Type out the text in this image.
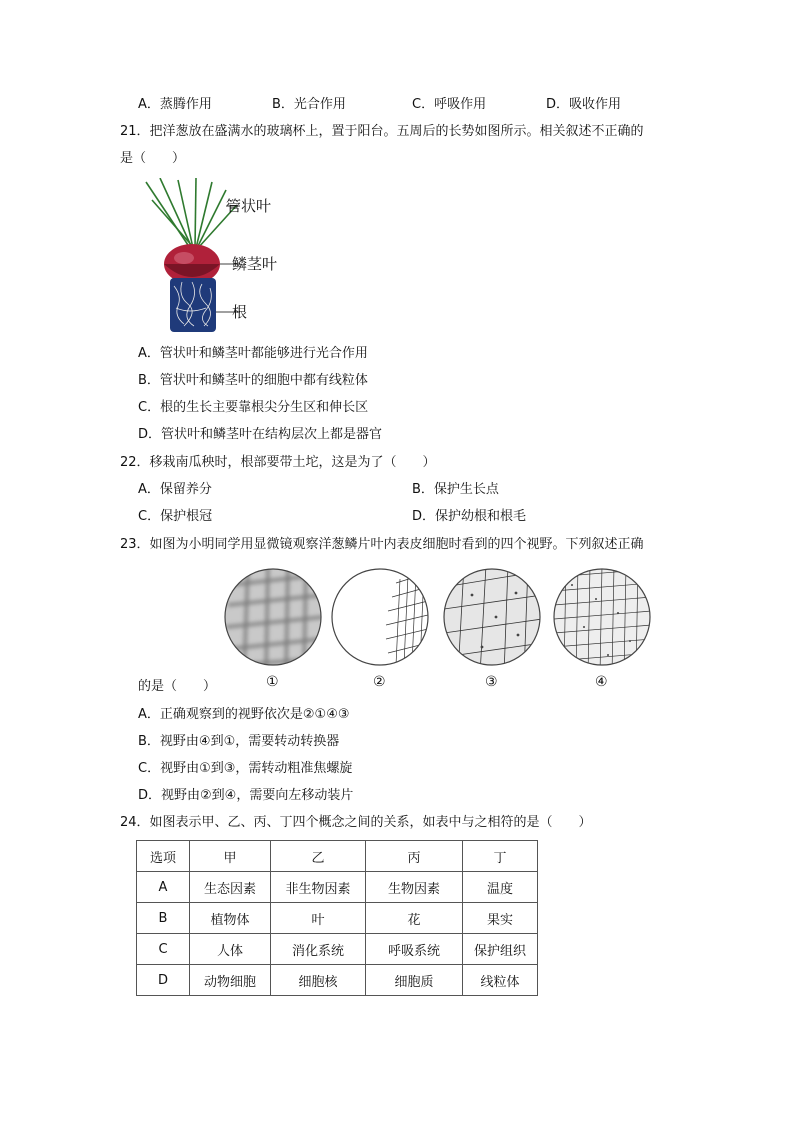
A．蒸腾作用	B．光合作用	C．呼吸作用	D．吸收作用
21．把洋葱放在盛满水的玻璃杯上，置于阳台。五周后的长势如图所示。相关叙述不正确的
是（　　）
管状叶
鳞茎叶
根
A．管状叶和鳞茎叶都能够进行光合作用
B．管状叶和鳞茎叶的细胞中都有线粒体
C．根的生长主要靠根尖分生区和伸长区
D．管状叶和鳞茎叶在结构层次上都是器官
22．移栽南瓜秧时，根部要带土坨，这是为了（　　）
A．保留养分	B．保护生长点
C．保护根冠	D．保护幼根和根毛
23．如图为小明同学用显微镜观察洋葱鳞片叶内表皮细胞时看到的四个视野。下列叙述正确
的是（　　）	①	②	③	④
A．正确观察到的视野依次是②①④③
B．视野由④到①，需要转动转换器
C．视野由①到③，需转动粗准焦螺旋
D．视野由②到④，需要向左移动装片
24．如图表示甲、乙、丙、丁四个概念之间的关系，如表中与之相符的是（　　）
选项	甲	乙	丙	丁
A	生态因素	非生物因素	生物因素	温度
B	植物体	叶	花	果实
C	人体	消化系统	呼吸系统	保护组织
D	动物细胞	细胞核	细胞质	线粒体
